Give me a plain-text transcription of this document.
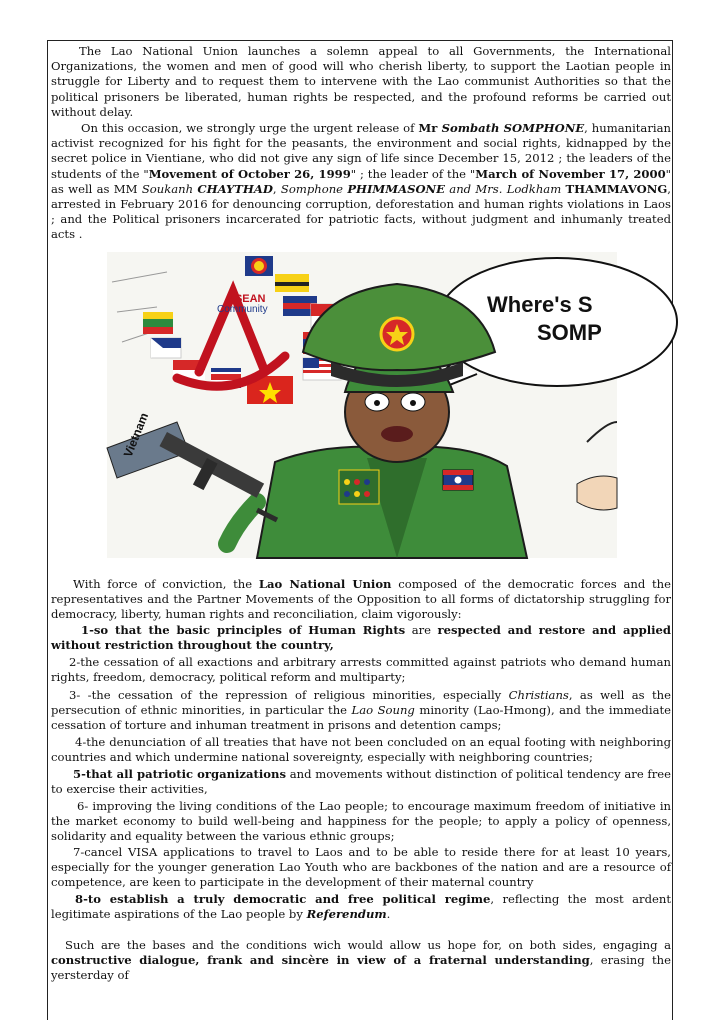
The Lao National Union launches a solemn appeal to all Governments, the International Organizations, the women and men of good will who cherish liberty, to support the Laotian people in struggle for Liberty and to request them to intervene with the Lao communist Authorities so that the political prisoners be liberated, human rights be respected, and the profound reforms be carried out without delay.

On this occasion, we strongly urge the urgent release of Mr Sombath SOMPHONE, humanitarian activist recognized for his fight for the peasants, the environment and social rights, kidnapped by the secret police in Vientiane, who did not give any sign of life since December 15, 2012 ; the leaders of the students of the "Movement of October 26, 1999" ; the leader of the "March of November 17, 2000" as well as MM Soukanh CHAYTHAD, Somphone PHIMMASONE and Mrs. Lodkham THAMMAVONG, arrested in February 2016 for denouncing corruption, deforestation and human rights violations in Laos ; and the Political prisoners incarcerated for patriotic facts, without judgment and inhumanly treated acts .

ASEAN
Community	Where's S
SOMP
Vietnam

With force of conviction, the Lao National Union composed of the democratic forces and the representatives and the Partner Movements of the Opposition to all forms of dictatorship struggling for democracy, liberty, human rights and reconciliation, claim vigorously:

1-so that the basic principles of Human Rights are respected and restore and applied without restriction throughout the country,

2-the cessation of all exactions and arbitrary arrests committed against patriots who demand human rights, freedom, democracy, political reform and multiparty;

3- -the cessation of the repression of religious minorities, especially Christians, as well as the persecution of ethnic minorities, in particular the Lao Soung minority (Lao-Hmong), and the immediate cessation of torture and inhuman treatment in prisons and detention camps;

4-the denunciation of all treaties that have not been concluded on an equal footing with neighboring countries and which undermine national sovereignty, especially with neighboring countries;

5-that all patriotic organizations and movements without distinction of political tendency are free to exercise their activities,

6- improving the living conditions of the Lao people; to encourage maximum freedom of initiative in the market economy to build well-being and happiness for the people; to apply a policy of openness, solidarity and equality between the various ethnic groups;

7-cancel VISA applications to travel to Laos and to be able to reside there for at least 10 years, especially for the younger generation Lao Youth who are backbones of the nation and are a resource of competence, are keen to participate in the development of their maternal country

8-to establish a truly democratic and free political regime, reflecting the most ardent legitimate aspirations of the Lao people by Referendum.

Such are the bases and the conditions wich would allow us hope for, on both sides, engaging a constructive dialogue, frank and sincère in view of a fraternal understanding, erasing the yersterday of
